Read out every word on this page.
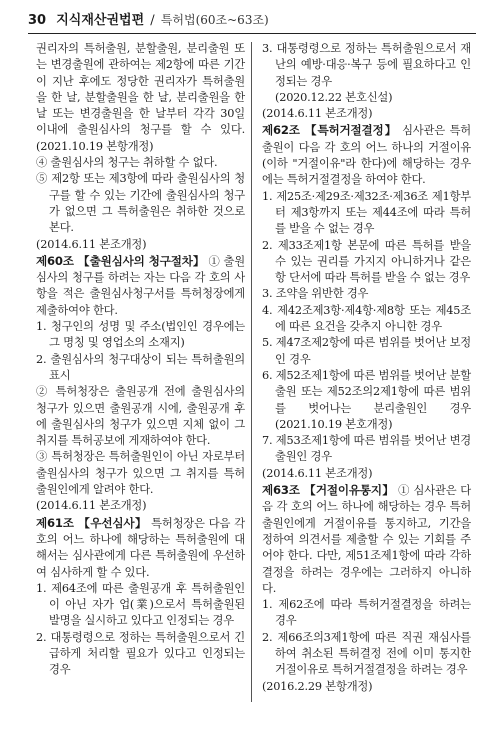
30 지식재산권법편 / 특허법(60조~63조)

권리자의 특허출원, 분할출원, 분리출원 또는 변경출원에 관하여는 제2항에 따른 기간이 지난 후에도 정당한 권리자가 특허출원을 한 날, 분할출원을 한 날, 분리출원을 한 날 또는 변경출원을 한 날부터 각각 30일 이내에 출원심사의 청구를 할 수 있다.(2021.10.19 본항개정)

④ 출원심사의 청구는 취하할 수 없다.

⑤ 제2항 또는 제3항에 따라 출원심사의 청구를 할 수 있는 기간에 출원심사의 청구가 없으면 그 특허출원은 취하한 것으로 본다.

(2014.6.11 본조개정)

제60조 【출원심사의 청구절차】 ① 출원심사의 청구를 하려는 자는 다음 각 호의 사항을 적은 출원심사청구서를 특허청장에게 제출하여야 한다.

1. 청구인의 성명 및 주소(법인인 경우에는 그 명칭 및 영업소의 소재지)

2. 출원심사의 청구대상이 되는 특허출원의 표시

② 특허청장은 출원공개 전에 출원심사의 청구가 있으면 출원공개 시에, 출원공개 후에 출원심사의 청구가 있으면 지체 없이 그 취지를 특허공보에 게재하여야 한다.

③ 특허청장은 특허출원인이 아닌 자로부터 출원심사의 청구가 있으면 그 취지를 특허출원인에게 알려야 한다.

(2014.6.11 본조개정)

제61조 【우선심사】 특허청장은 다음 각 호의 어느 하나에 해당하는 특허출원에 대해서는 심사관에게 다른 특허출원에 우선하여 심사하게 할 수 있다.

1. 제64조에 따른 출원공개 후 특허출원인이 아닌 자가 업(業)으로서 특허출원된 발명을 실시하고 있다고 인정되는 경우

2. 대통령령으로 정하는 특허출원으로서 긴급하게 처리할 필요가 있다고 인정되는 경우

3. 대통령령으로 정하는 특허출원으로서 재난의 예방·대응·복구 등에 필요하다고 인정되는 경우

(2020.12.22 본호신설)

(2014.6.11 본조개정)

제62조 【특허거절결정】 심사관은 특허출원이 다음 각 호의 어느 하나의 거절이유(이하 "거절이유"라 한다)에 해당하는 경우에는 특허거절결정을 하여야 한다.

1. 제25조·제29조·제32조·제36조 제1항부터 제3항까지 또는 제44조에 따라 특허를 받을 수 없는 경우

2. 제33조제1항 본문에 따른 특허를 받을 수 있는 권리를 가지지 아니하거나 같은 항 단서에 따라 특허를 받을 수 없는 경우

3. 조약을 위반한 경우

4. 제42조제3항·제4항·제8항 또는 제45조에 따른 요건을 갖추지 아니한 경우

5. 제47조제2항에 따른 범위를 벗어난 보정인 경우

6. 제52조제1항에 따른 범위를 벗어난 분할출원 또는 제52조의2제1항에 따른 범위를 벗어나는 분리출원인 경우(2021.10.19 본호개정)

7. 제53조제1항에 따른 범위를 벗어난 변경출원인 경우

(2014.6.11 본조개정)

제63조 【거절이유통지】 ① 심사관은 다음 각 호의 어느 하나에 해당하는 경우 특허출원인에게 거절이유를 통지하고, 기간을 정하여 의견서를 제출할 수 있는 기회를 주어야 한다. 다만, 제51조제1항에 따라 각하결정을 하려는 경우에는 그러하지 아니하다.

1. 제62조에 따라 특허거절결정을 하려는 경우

2. 제66조의3제1항에 따른 직권 재심사를 하여 취소된 특허결정 전에 이미 통지한 거절이유로 특허거절결정을 하려는 경우

(2016.2.29 본항개정)
